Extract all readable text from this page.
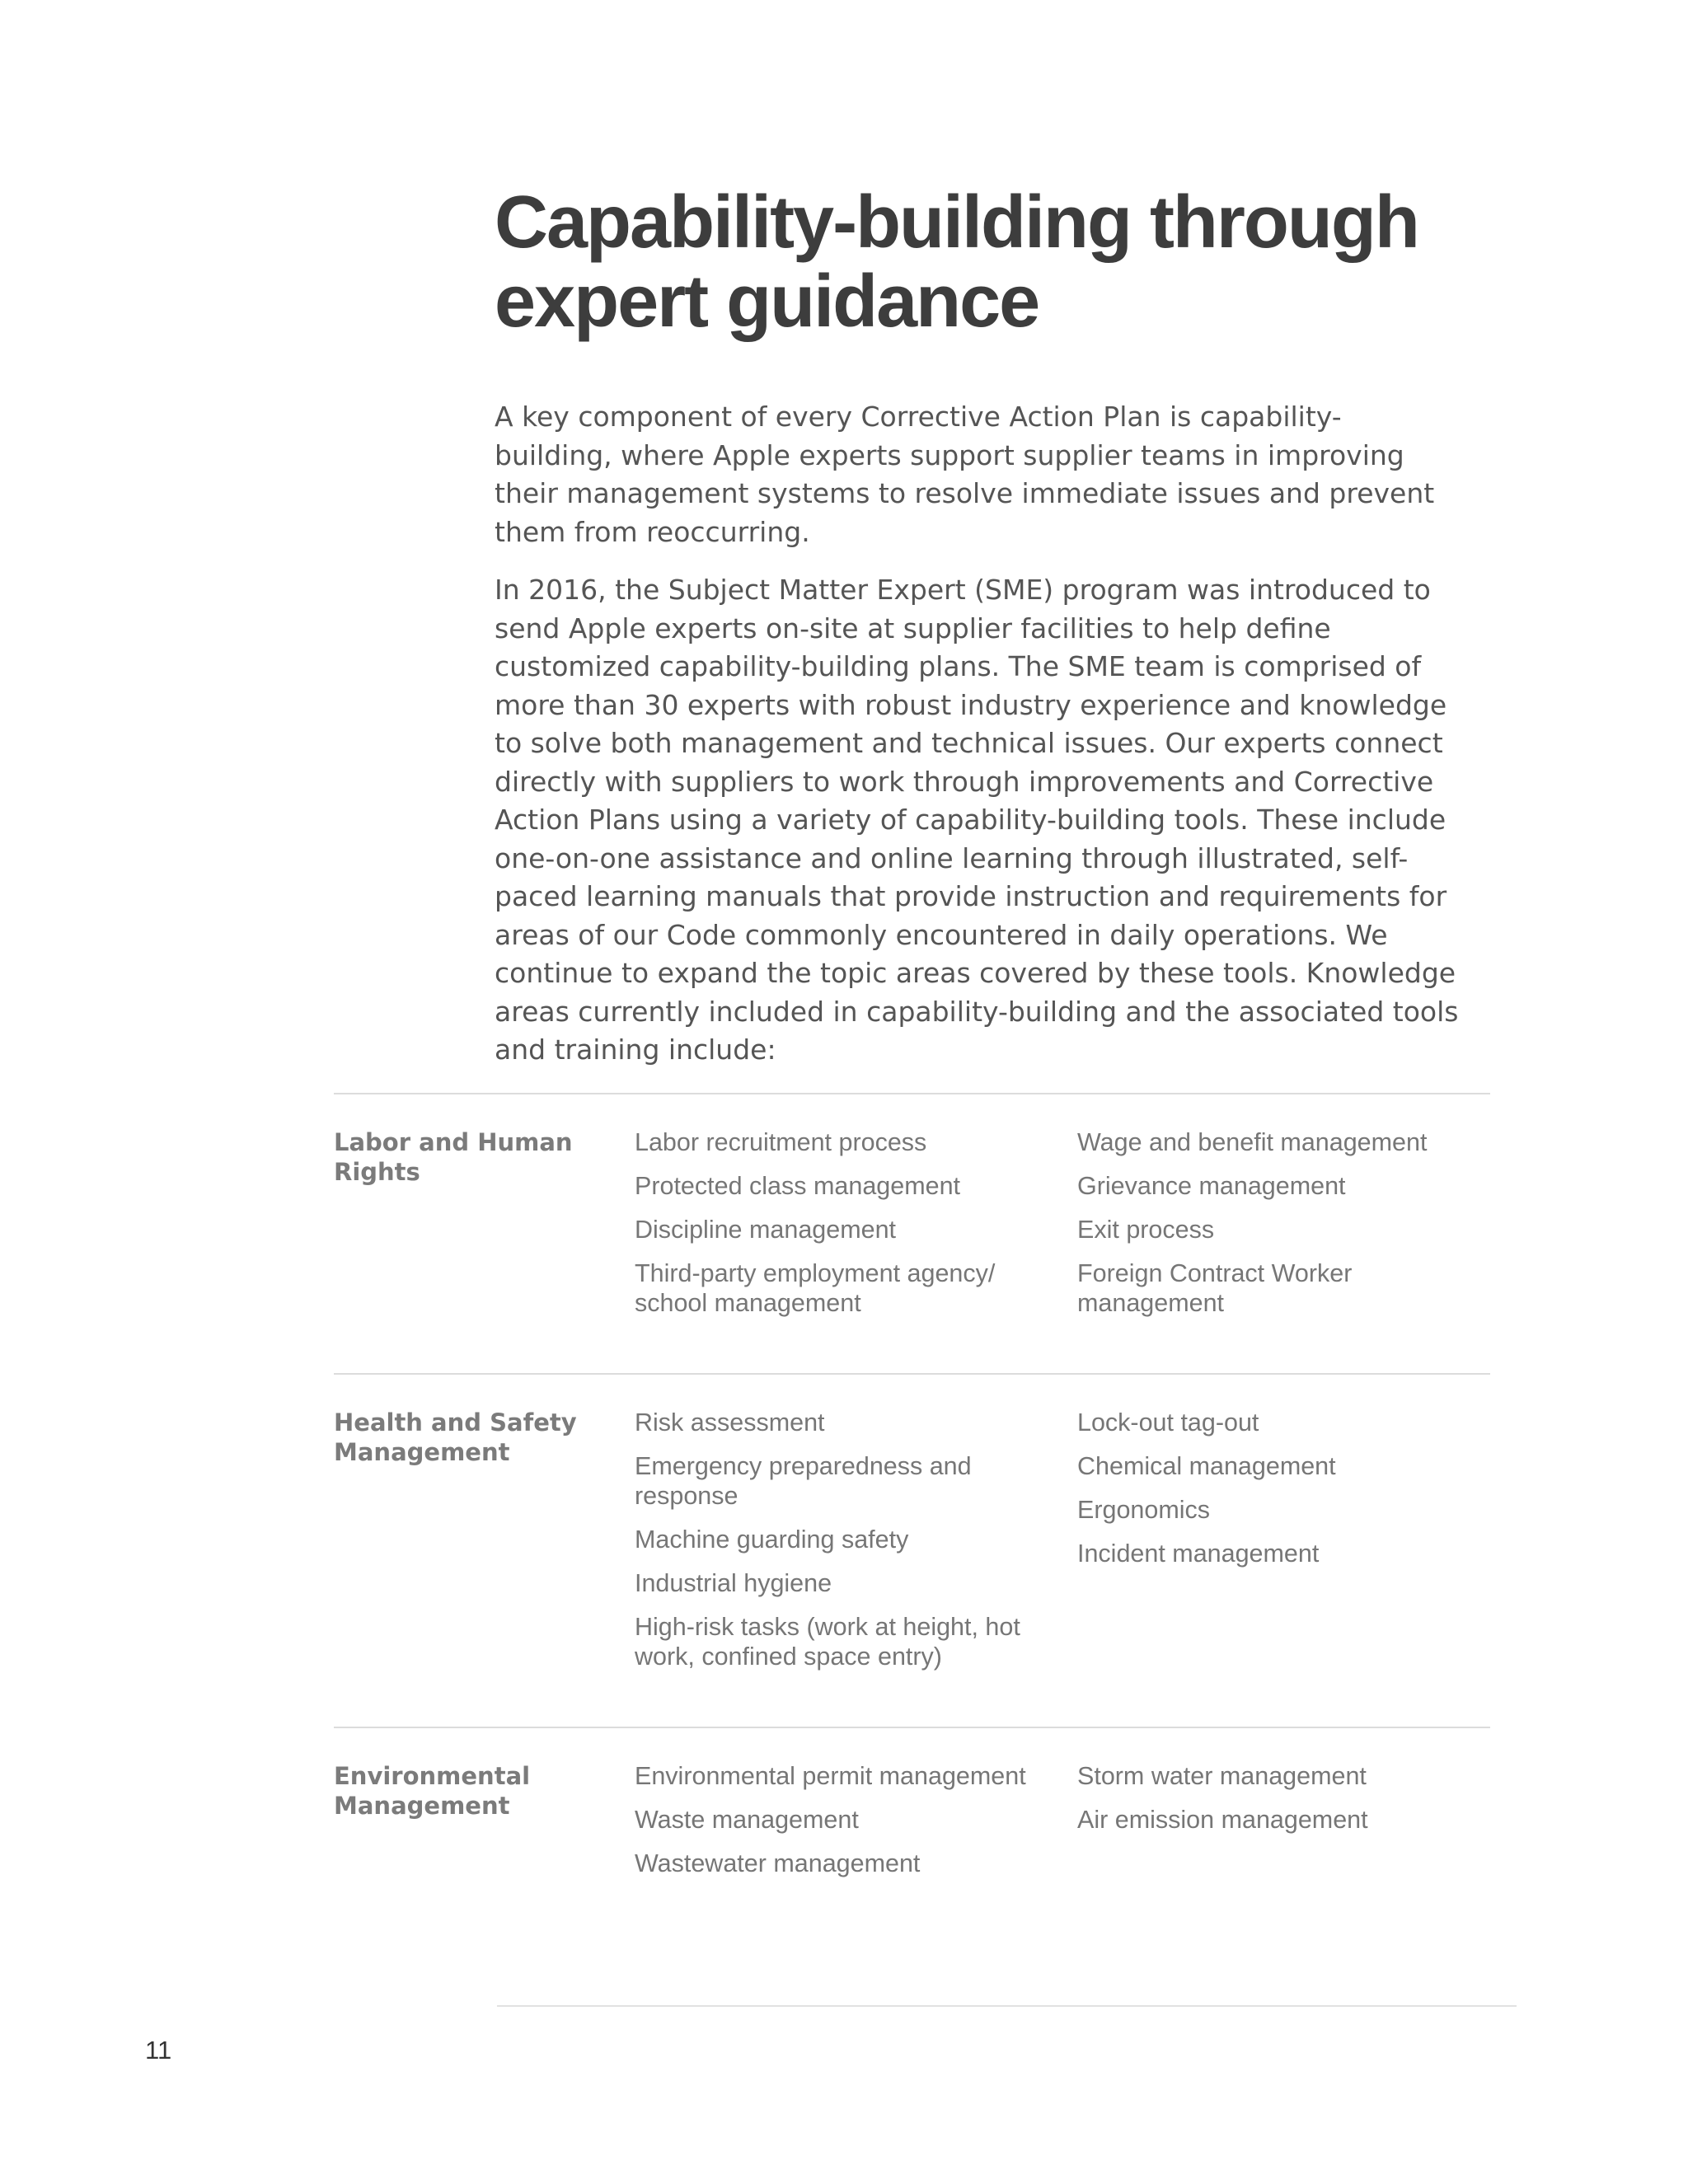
Capability-building through expert guidance

A key component of every Corrective Action Plan is capability-building, where Apple experts support supplier teams in improving their management systems to resolve immediate issues and prevent them from reoccurring.

In 2016, the Subject Matter Expert (SME) program was introduced to send Apple experts on-site at supplier facilities to help define customized capability-building plans. The SME team is comprised of more than 30 experts with robust industry experience and knowledge to solve both management and technical issues. Our experts connect directly with suppliers to work through improvements and Corrective Action Plans using a variety of capability-building tools. These include one-on-one assistance and online learning through illustrated, self-paced learning manuals that provide instruction and requirements for areas of our Code commonly encountered in daily operations. We continue to expand the topic areas covered by these tools. Knowledge areas currently included in capability-building and the associated tools and training include:

Labor and Human Rights
Labor recruitment process
Protected class management
Discipline management
Third-party employment agency/ school management
Wage and benefit management
Grievance management
Exit process
Foreign Contract Worker management
Health and Safety Management
Risk assessment
Emergency preparedness and response
Machine guarding safety
Industrial hygiene
High-risk tasks (work at height, hot work, confined space entry)
Lock-out tag-out
Chemical management
Ergonomics
Incident management
Environmental Management
Environmental permit management
Waste management
Wastewater management
Storm water management
Air emission management
11
